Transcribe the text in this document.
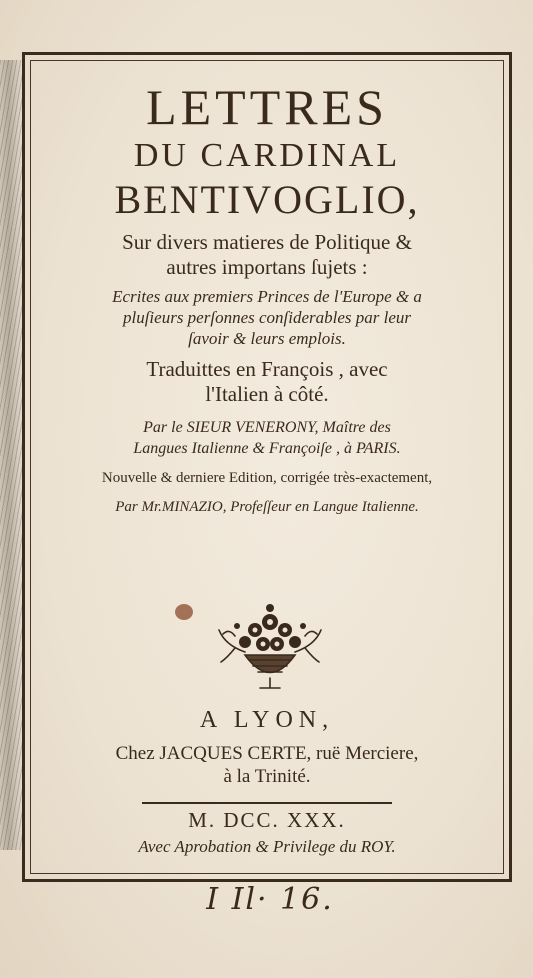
LETTRES
DU CARDINAL
BENTIVOGLIO,
Sur divers matieres de Politique &
autres importans ſujets :
Ecrites aux premiers Princes de l'Europe & a
pluſieurs perſonnes conſiderables par leur
ſavoir & leurs emplois.
Traduittes en François , avec
l'Italien à côté.
Par le SIEUR VENERONY, Maître des
Langues Italienne & Françoiſe , à PARIS.
Nouvelle & derniere Edition, corrigée très-exactement,
Par Mr.MINAZIO, Profeſſeur en Langue Italienne.
A LYON,
Chez JACQUES CERTE, ruë Merciere,
à la Trinité.
M. DCC. XXX.
Avec Aprobation & Privilege du ROY.
I Il· 16.
